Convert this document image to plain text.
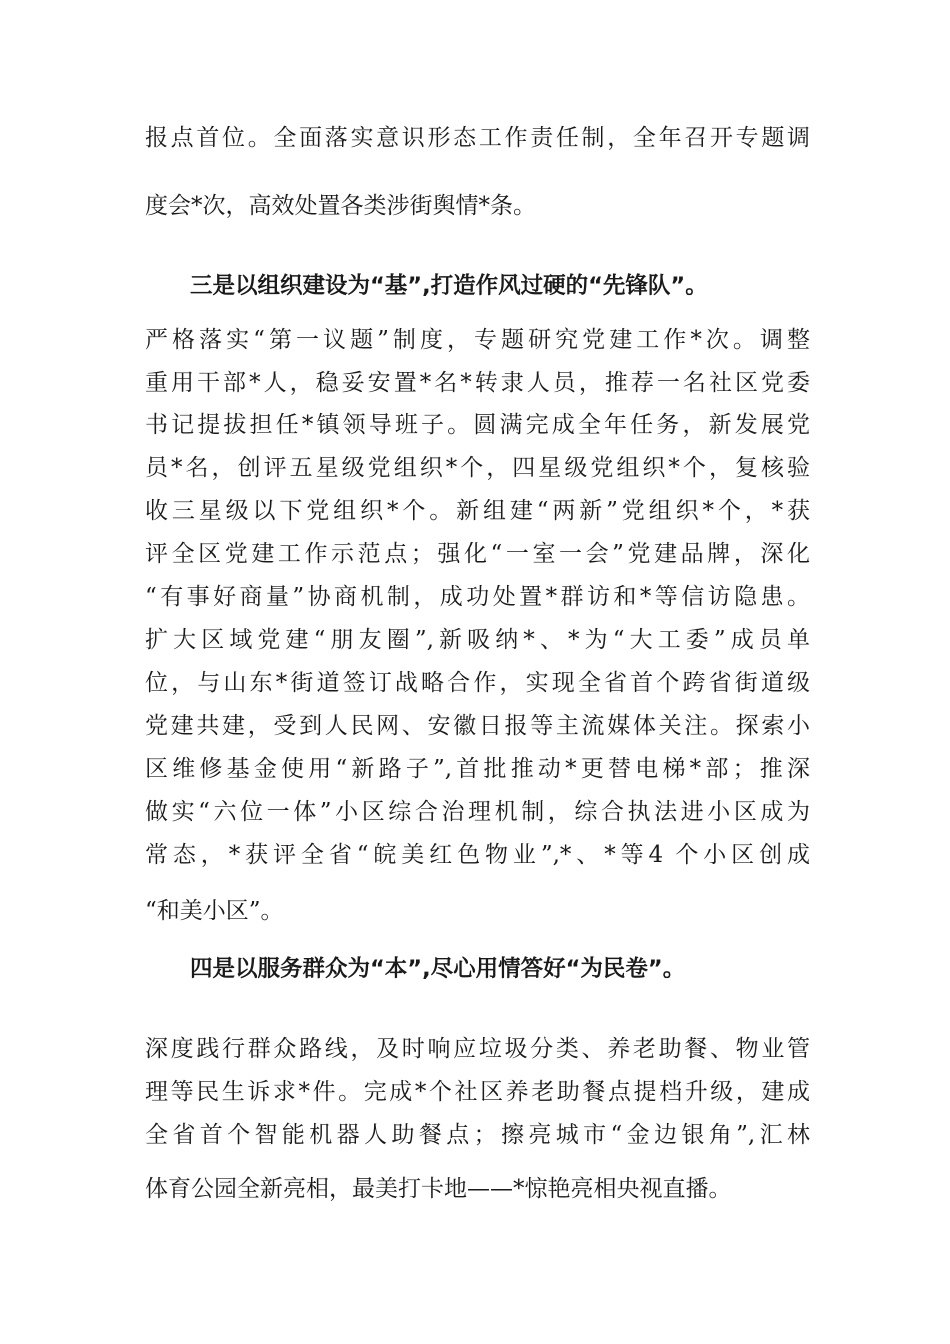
报点首位。全面落实意识形态工作责任制，全年召开专题调

度会*次，高效处置各类涉街舆情*条。

三是以组织建设为“基”,打造作风过硬的“先锋队”。

严格落实“第一议题”制度，专题研究党建工作*次。调整

重用干部*人，稳妥安置*名*转隶人员，推荐一名社区党委

书记提拔担任*镇领导班子。圆满完成全年任务，新发展党

员*名，创评五星级党组织*个，四星级党组织*个，复核验

收三星级以下党组织*个。新组建“两新”党组织*个，*获

评全区党建工作示范点；强化“一室一会”党建品牌，深化

“有事好商量”协商机制，成功处置*群访和*等信访隐患。

扩大区域党建“朋友圈”,新吸纳*、*为“大工委”成员单

位，与山东*街道签订战略合作，实现全省首个跨省街道级

党建共建，受到人民网、安徽日报等主流媒体关注。探索小

区维修基金使用“新路子”,首批推动*更替电梯*部；推深

做实“六位一体”小区综合治理机制，综合执法进小区成为

常态，*获评全省“皖美红色物业”,*、*等4 个小区创成

“和美小区”。

四是以服务群众为“本”,尽心用情答好“为民卷”。

深度践行群众路线，及时响应垃圾分类、养老助餐、物业管

理等民生诉求*件。完成*个社区养老助餐点提档升级，建成

全省首个智能机器人助餐点；擦亮城市“金边银角”,汇林

体育公园全新亮相，最美打卡地——*惊艳亮相央视直播。
